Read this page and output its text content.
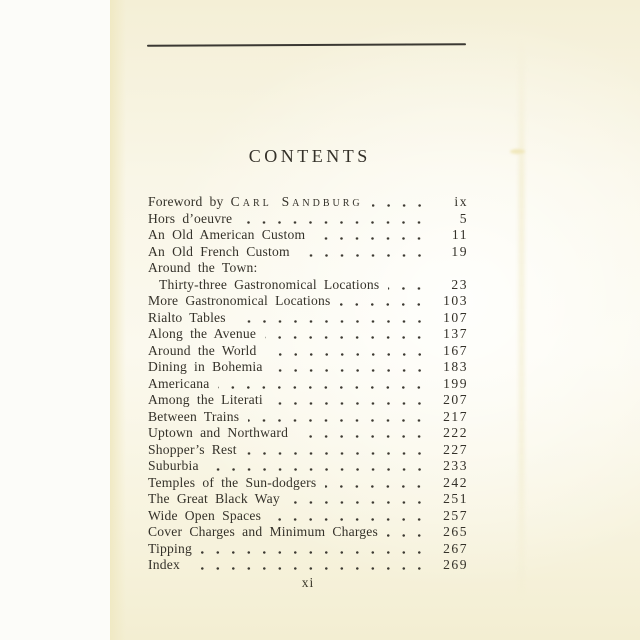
CONTENTS
Foreword by Carl Sandburg	ix
Hors d’oeuvre	5
An Old American Custom	11
An Old French Custom	19
Around the Town:
Thirty-three Gastronomical Locations	23
More Gastronomical Locations	103
Rialto Tables	107
Along the Avenue	137
Around the World	167
Dining in Bohemia	183
Americana	199
Among the Literati	207
Between Trains	217
Uptown and Northward	222
Shopper’s Rest	227
Suburbia	233
Temples of the Sun-dodgers	242
The Great Black Way	251
Wide Open Spaces	257
Cover Charges and Minimum Charges	265
Tipping	267
Index	269
xi
